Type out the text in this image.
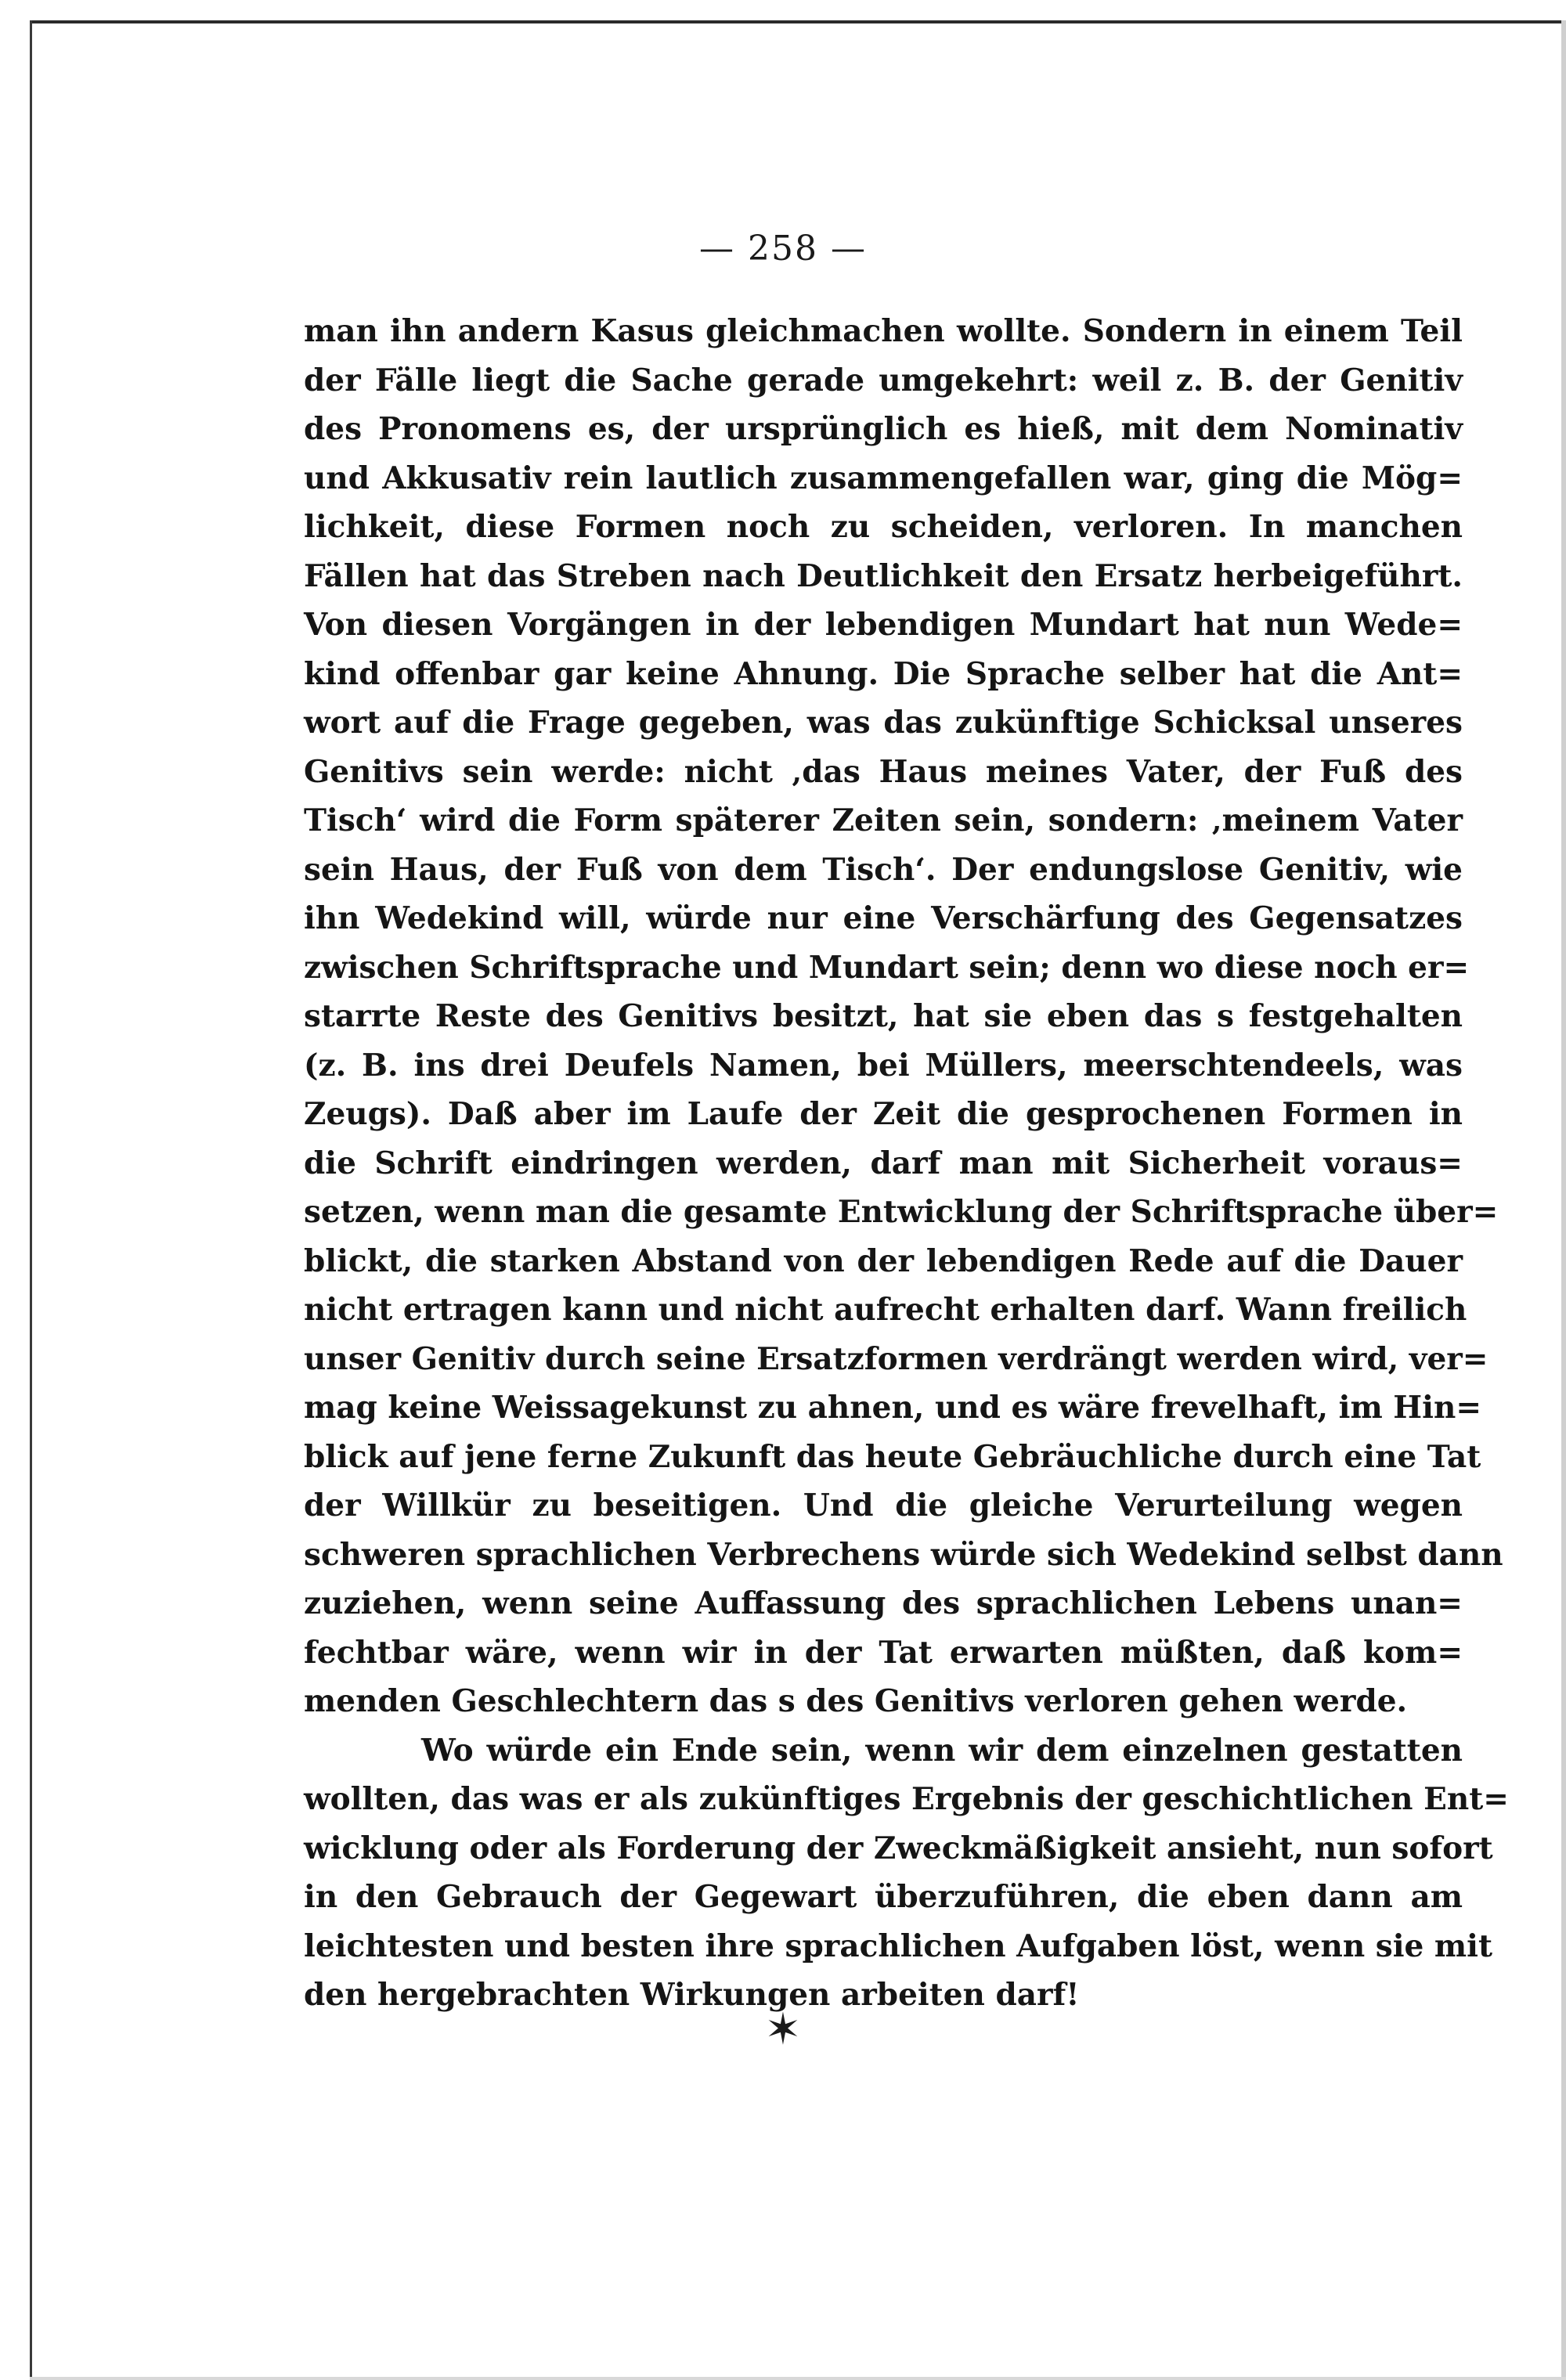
— 258 —
man ihn andern Kasus gleichmachen wollte. Sondern in einem Teil
der Fälle liegt die Sache gerade umgekehrt: weil z. B. der Genitiv
des Pronomens es, der ursprünglich es hieß, mit dem Nominativ
und Akkusativ rein lautlich zusammengefallen war, ging die Mög=
lichkeit, diese Formen noch zu scheiden, verloren. In manchen
Fällen hat das Streben nach Deutlichkeit den Ersatz herbeigeführt.
Von diesen Vorgängen in der lebendigen Mundart hat nun Wede=
kind offenbar gar keine Ahnung. Die Sprache selber hat die Ant=
wort auf die Frage gegeben, was das zukünftige Schicksal unseres
Genitivs sein werde: nicht ‚das Haus meines Vater, der Fuß des
Tisch‘ wird die Form späterer Zeiten sein, sondern: ‚meinem Vater
sein Haus, der Fuß von dem Tisch‘. Der endungslose Genitiv, wie
ihn Wedekind will, würde nur eine Verschärfung des Gegensatzes
zwischen Schriftsprache und Mundart sein; denn wo diese noch er=
starrte Reste des Genitivs besitzt, hat sie eben das s festgehalten
(z. B. ins drei Deufels Namen, bei Müllers, meerschtendeels, was
Zeugs). Daß aber im Laufe der Zeit die gesprochenen Formen in
die Schrift eindringen werden, darf man mit Sicherheit voraus=
setzen, wenn man die gesamte Entwicklung der Schriftsprache über=
blickt, die starken Abstand von der lebendigen Rede auf die Dauer
nicht ertragen kann und nicht aufrecht erhalten darf. Wann freilich
unser Genitiv durch seine Ersatzformen verdrängt werden wird, ver=
mag keine Weissagekunst zu ahnen, und es wäre frevelhaft, im Hin=
blick auf jene ferne Zukunft das heute Gebräuchliche durch eine Tat
der Willkür zu beseitigen. Und die gleiche Verurteilung wegen
schweren sprachlichen Verbrechens würde sich Wedekind selbst dann
zuziehen, wenn seine Auffassung des sprachlichen Lebens unan=
fechtbar wäre, wenn wir in der Tat erwarten müßten, daß kom=
menden Geschlechtern das s des Genitivs verloren gehen werde.
Wo würde ein Ende sein, wenn wir dem einzelnen gestatten
wollten, das was er als zukünftiges Ergebnis der geschichtlichen Ent=
wicklung oder als Forderung der Zweckmäßigkeit ansieht, nun sofort
in den Gebrauch der Gegewart überzuführen, die eben dann am
leichtesten und besten ihre sprachlichen Aufgaben löst, wenn sie mit
den hergebrachten Wirkungen arbeiten darf!
✶
